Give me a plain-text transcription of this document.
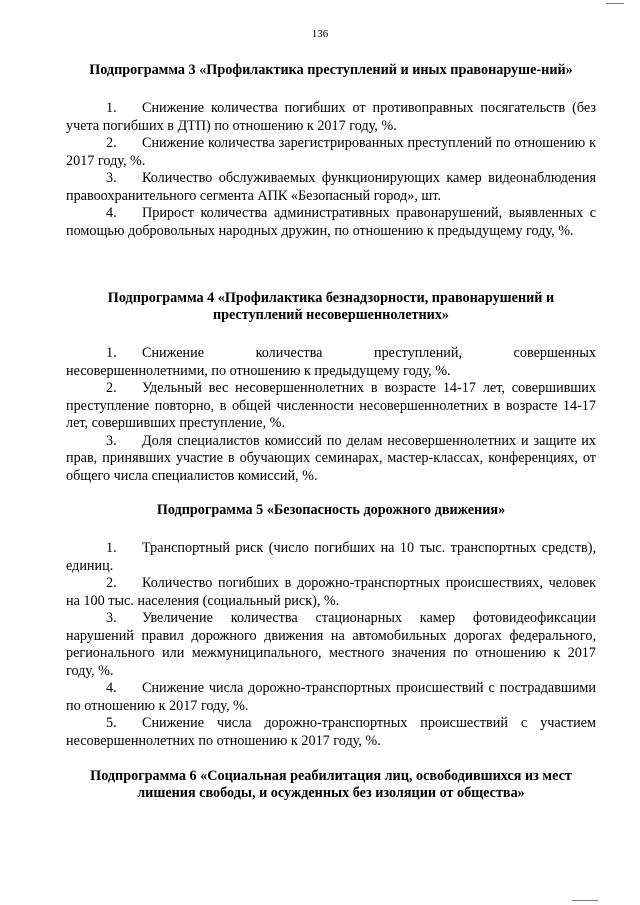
136

Подпрограмма 3 «Профилактика преступлений и иных правонаруше-ний»

1. Снижение количества погибших от противоправных посягательств (без учета погибших в ДТП) по отношению к 2017 году, %.

2. Снижение количества зарегистрированных преступлений по отношению к 2017 году, %.

3. Количество обслуживаемых функционирующих камер видеонаблюдения правоохранительного сегмента АПК «Безопасный город», шт.

4. Прирост количества административных правонарушений, выявленных с помощью добровольных народных дружин, по отношению к предыдущему году, %.

Подпрограмма 4 «Профилактика безнадзорности, правонарушений и преступлений несовершеннолетних»

1. Снижение количества преступлений, совершенных несовершеннолетними, по отношению к предыдущему году, %.

2. Удельный вес несовершеннолетних в возрасте 14-17 лет, совершивших преступление повторно, в общей численности несовершеннолетних в возрасте 14-17 лет, совершивших преступление, %.

3. Доля специалистов комиссий по делам несовершеннолетних и защите их прав, принявших участие в обучающих семинарах, мастер-классах, конференциях, от общего числа специалистов комиссий, %.

Подпрограмма 5 «Безопасность дорожного движения»

1. Транспортный риск (число погибших на 10 тыс. транспортных средств), единиц.

2. Количество погибших в дорожно-транспортных происшествиях, человек на 100 тыс. населения (социальный риск), %.

3. Увеличение количества стационарных камер фотовидеофиксации нарушений правил дорожного движения на автомобильных дорогах федерального, регионального или межмуниципального, местного значения по отношению к 2017 году, %.

4. Снижение числа дорожно-транспортных происшествий с пострадавшими по отношению к 2017 году, %.

5. Снижение числа дорожно-транспортных происшествий с участием несовершеннолетних по отношению к 2017 году, %.

Подпрограмма 6 «Социальная реабилитация лиц, освободившихся из мест лишения свободы, и осужденных без изоляции от общества»
